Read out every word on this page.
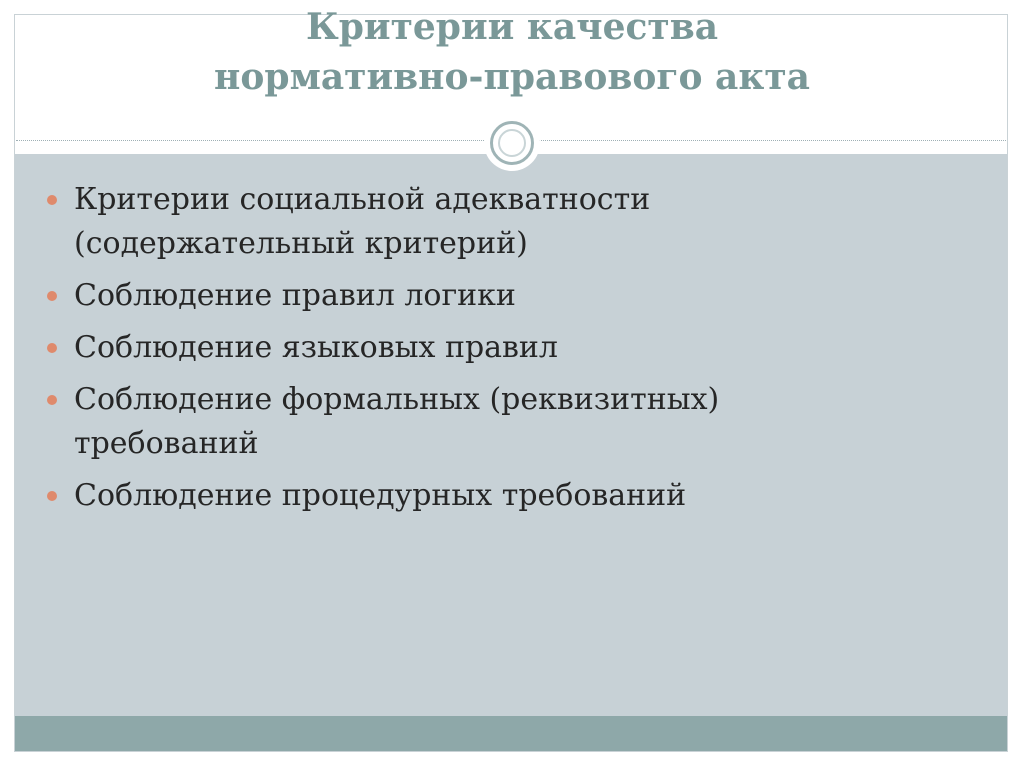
Критерии качества
нормативно-правового акта
Критерии социальной адекватности
(содержательный критерий)
Соблюдение правил логики
Соблюдение языковых правил
Соблюдение формальных (реквизитных)
требований
Соблюдение процедурных требований
